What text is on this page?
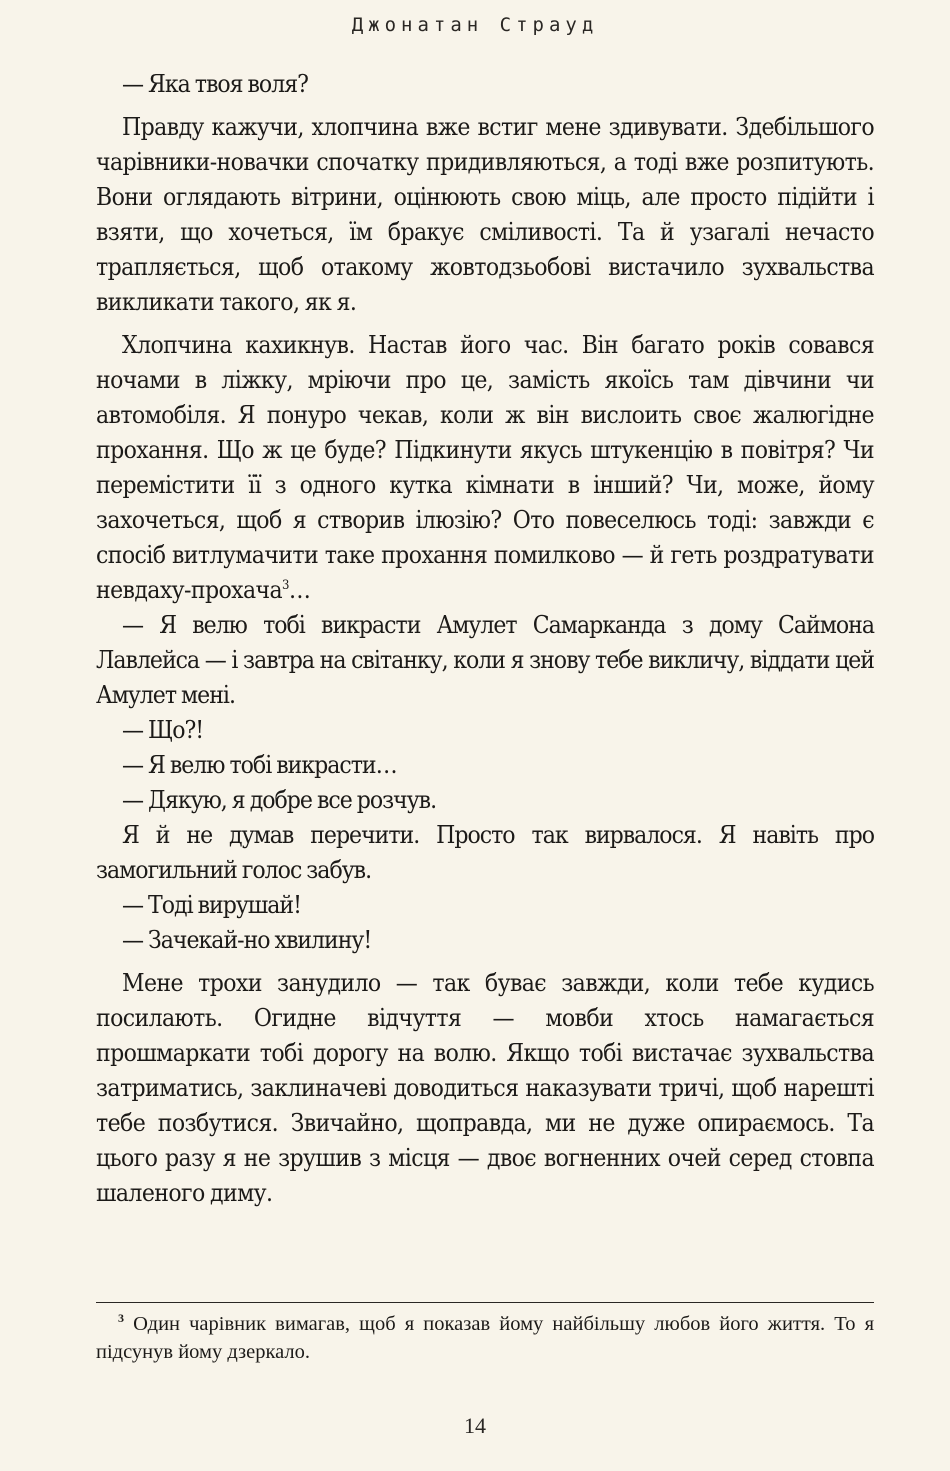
Джонатан Страуд

— Яка твоя воля?

Правду кажучи, хлопчина вже встиг мене здивувати. Здебільшого чарівники-новачки спочатку придивляються, а тоді вже розпитують. Вони оглядають вітрини, оцінюють свою міць, але просто підійти і взяти, що хочеться, їм бракує сміливості. Та й узагалі нечасто трапляється, щоб отакому жовтодзьобові вистачило зухвальства викликати такого, як я.

Хлопчина кахикнув. Настав його час. Він багато років совався ночами в ліжку, мріючи про це, замість якоїсь там дівчини чи автомобіля. Я понуро чекав, коли ж він вислоить своє жалюгідне прохання. Що ж це буде? Підкинути якусь штукенцію в повітря? Чи перемістити її з одного кутка кімнати в інший? Чи, може, йому захочеться, щоб я створив ілюзію? Ото повеселюсь тоді: завжди є спосіб витлумачити таке прохання помилково — й геть роздратувати невдаху-прохача$^3$…

— Я велю тобі викрасти Амулет Самарканда з дому Саймона Лавлейса — і завтра на світанку, коли я знову тебе викличу, віддати цей Амулет мені.

— Що?!

— Я велю тобі викрасти…

— Дякую, я добре все розчув.

Я й не думав перечити. Просто так вирвалося. Я навіть про замогильний голос забув.

— Тоді вирушай!

— Зачекай-но хвилину!

Мене трохи занудило — так буває завжди, коли тебе кудись посилають. Огидне відчуття — мовби хтось намагається прошмаркати тобі дорогу на волю. Якщо тобі вистачає зухвальства затриматись, заклиначеві доводиться наказувати тричі, щоб нарешті тебе позбутися. Звичайно, щоправда, ми не дуже опираємось. Та цього разу я не зрушив з місця — двоє вогненних очей серед стовпа шаленого диму.

$^3$ Один чарівник вимагав, щоб я показав йому найбільшу любов його життя. То я підсунув йому дзеркало.

14
